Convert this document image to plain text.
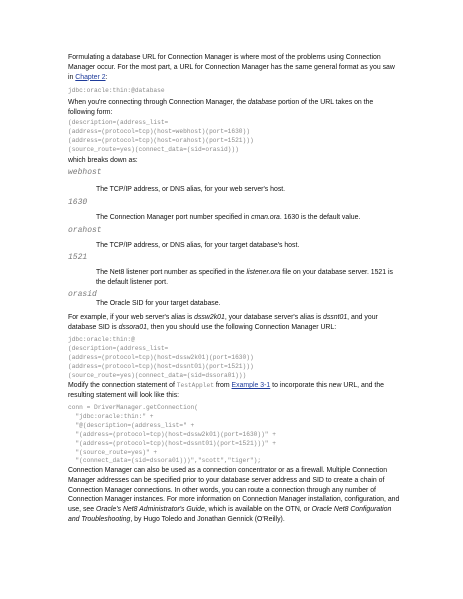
Formulating a database URL for Connection Manager is where most of the problems using Connection Manager occur. For the most part, a URL for Connection Manager has the same general format as you saw in Chapter 2:

jdbc:oracle:thin:@database

When you're connecting through Connection Manager, the database portion of the URL takes on the following form:

(description=(address_list=
(address=(protocol=tcp)(host=webhost)(port=1630))
(address=(protocol=tcp)(host=orahost)(port=1521)))
(source_route=yes)(connect_data=(sid=orasid)))

which breaks down as:

webhost

The TCP/IP address, or DNS alias, for your web server's host.

1630

The Connection Manager port number specified in cman.ora. 1630 is the default value.

orahost

The TCP/IP address, or DNS alias, for your target database's host.

1521

The Net8 listener port number as specified in the listener.ora file on your database server. 1521 is the default listener port.

orasid

The Oracle SID for your target database.

For example, if your web server's alias is dssw2k01, your database server's alias is dssnt01, and your database SID is dssora01, then you should use the following Connection Manager URL:

jdbc:oracle:thin:@
(description=(address_list=
(address=(protocol=tcp)(host=dssw2k01)(port=1630))
(address=(protocol=tcp)(host=dssnt01)(port=1521)))
(source_route=yes)(connect_data=(sid=dssora01)))

Modify the connection statement of TestApplet from Example 3-1 to incorporate this new URL, and the resulting statement will look like this:

conn = DriverManager.getConnection(
"jdbc:oracle:thin:" +
"@(description=(address_list=" +
"(address=(protocol=tcp)(host=dssw2k01)(port=1630))" +
"(address=(protocol=tcp)(host=dssnt01)(port=1521)))" +
"(source_route=yes)" +
"(connect_data=(sid=dssora01)))","scott","tiger");

Connection Manager can also be used as a connection concentrator or as a firewall. Multiple Connection Manager addresses can be specified prior to your database server address and SID to create a chain of Connection Manager connections. In other words, you can route a connection through any number of Connection Manager instances. For more information on Connection Manager installation, configuration, and use, see Oracle's Net8 Administrator's Guide, which is available on the OTN, or Oracle Net8 Configuration and Troubleshooting, by Hugo Toledo and Jonathan Gennick (O'Reilly).
